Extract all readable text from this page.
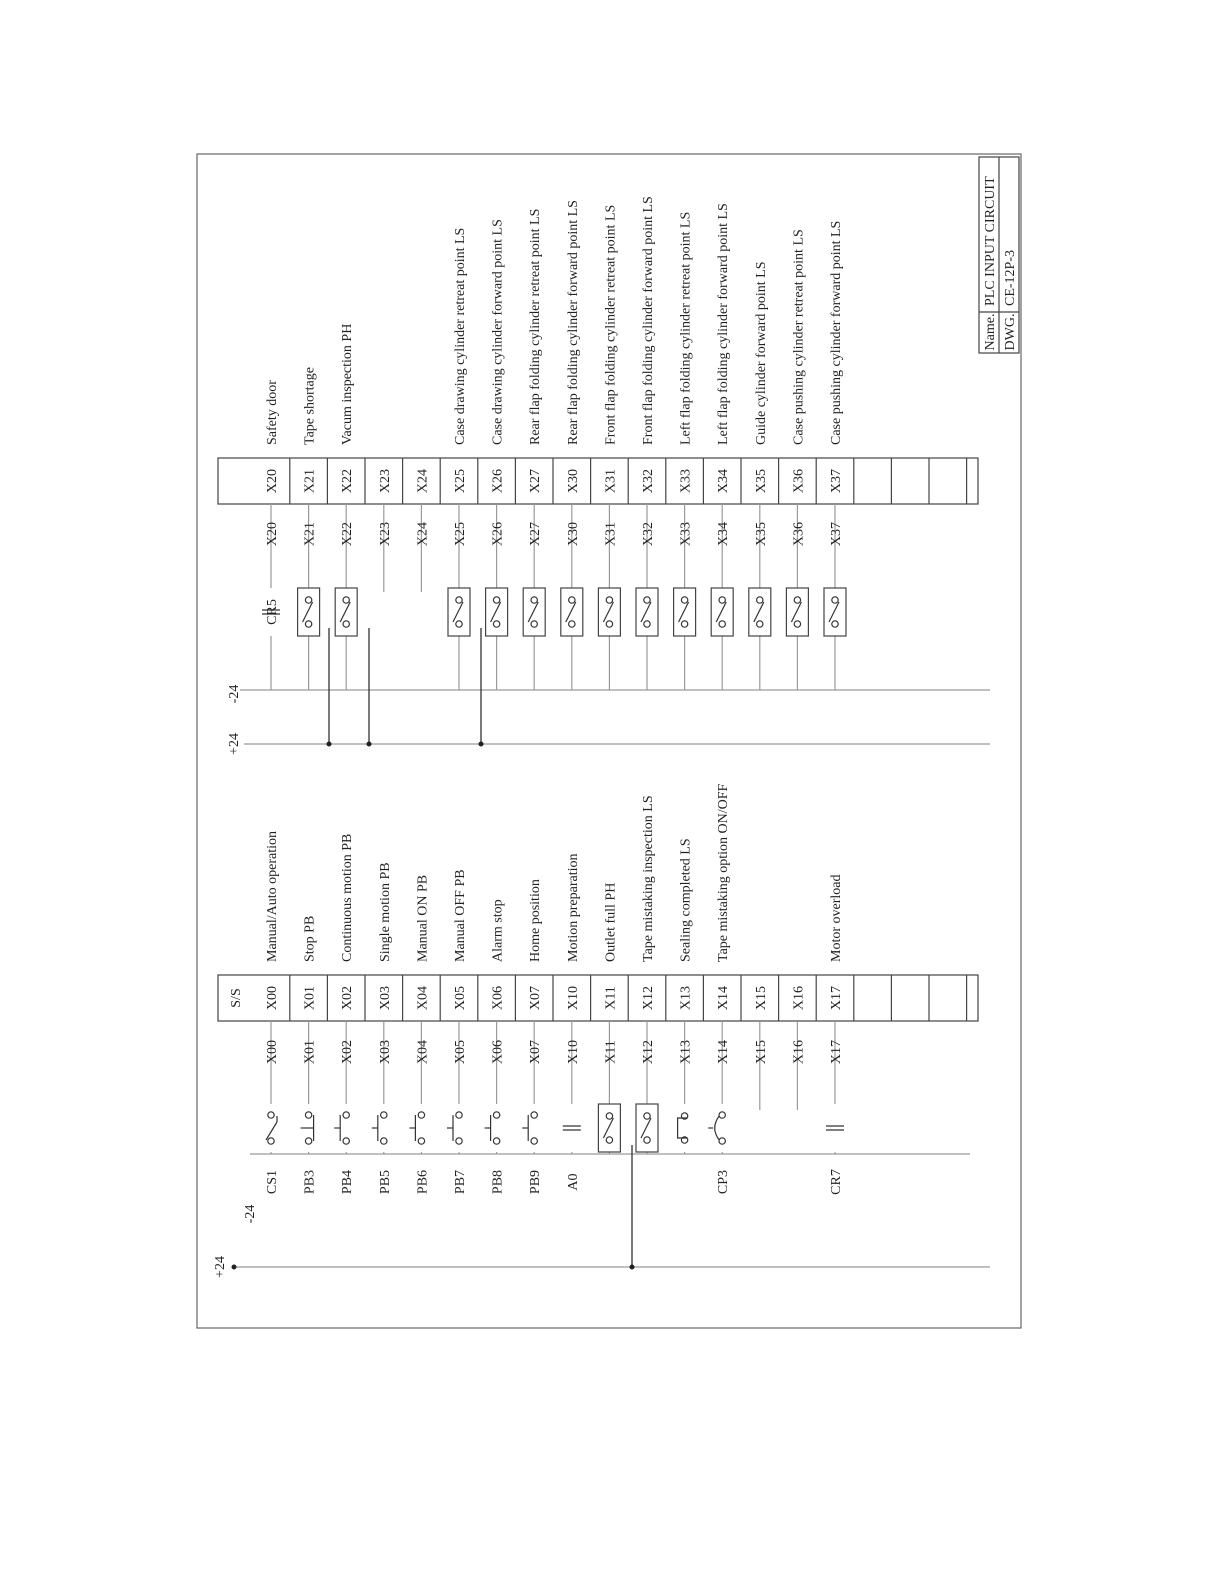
Name. DWG.
PLC INPUT CIRCUIT CE-12P-3
+24
-24
+24
-24
S/S
CS1
X00
X00
Manual/Auto operation
PB3
X01
X01
Stop PB
PB4
X02
X02
Continuous motion PB
PB5
X03
X03
Single motion PB
PB6
X04
X04
Manual ON PB
PB7
X05
X05
Manual OFF PB
PB8
X06
X06
Alarm stop
PB9
X07
X07
Home position
A0
X10
X10
Motion preparation
X11
X11
Outlet full PH
X12
X12
Tape mistaking inspection LS
X13
X13
Sealing completed LS
CP3
X14
X14
Tape mistaking option ON/OFF
X15
X15
X16
X16
CR7
X17
X17
Motor overload
CR5
X20
X20
Safety door
X21
X21
Tape shortage
X22
X22
Vacum inspection PH
X23
X23
X24
X24
X25
X25
Case drawing cylinder retreat point LS
X26
X26
Case drawing cylinder forward point LS
X27
X27
Rear flap folding cylinder retreat point LS
X30
X30
Rear flap folding cylinder forward point LS
X31
X31
Front flap folding cylinder retreat point LS
X32
X32
Front flap folding cylinder forward point LS
X33
X33
Left flap folding cylinder retreat point LS
X34
X34
Left flap folding cylinder forward point LS
X35
X35
Guide cylinder forward point LS
X36
X36
Case pushing cylinder retreat point LS
X37
X37
Case pushing cylinder forward point LS
